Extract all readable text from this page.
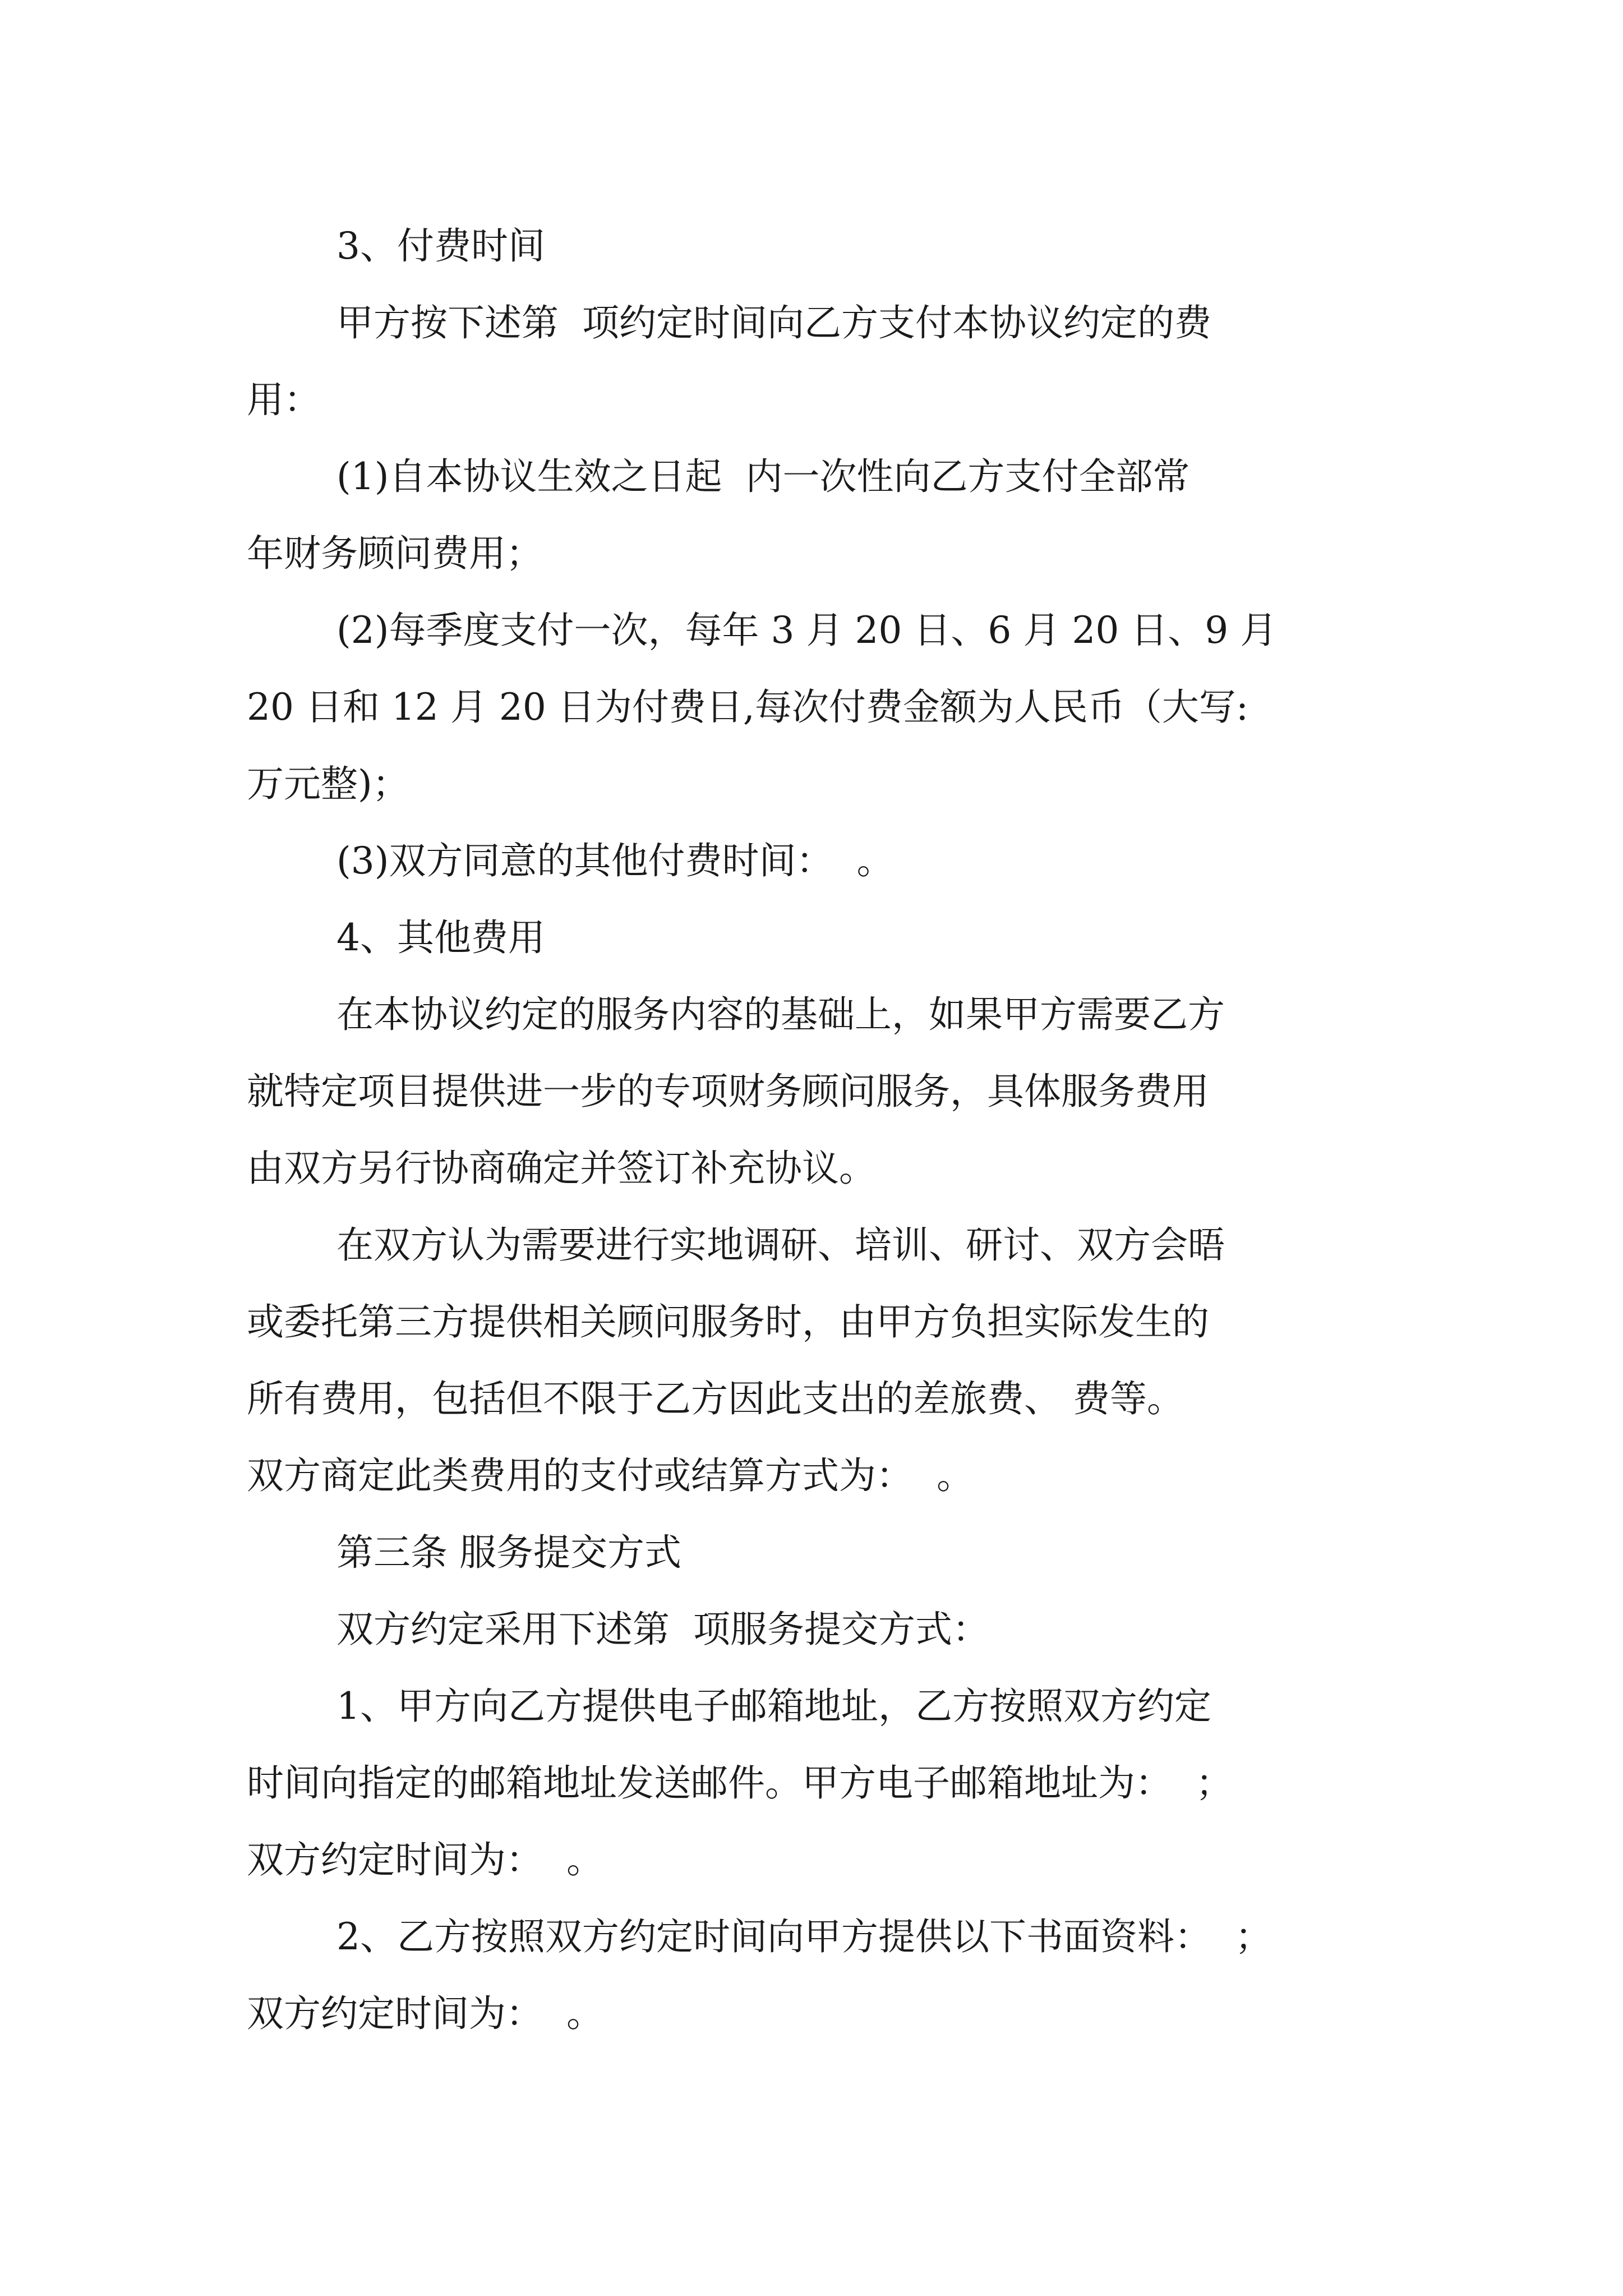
3、付费时间
甲方按下述第  项约定时间向乙方支付本协议约定的费
用：
(1)自本协议生效之日起  内一次性向乙方支付全部常
年财务顾问费用；
(2)每季度支付一次，每年 3 月 20 日、6 月 20 日、9 月
20 日和 12 月 20 日为付费日,每次付费金额为人民币（大写:
万元整)；
(3)双方同意的其他付费时间：  。
4、其他费用
在本协议约定的服务内容的基础上，如果甲方需要乙方
就特定项目提供进一步的专项财务顾问服务，具体服务费用
由双方另行协商确定并签订补充协议。
在双方认为需要进行实地调研、培训、研讨、双方会晤
或委托第三方提供相关顾问服务时，由甲方负担实际发生的
所有费用，包括但不限于乙方因此支出的差旅费、 费等。
双方商定此类费用的支付或结算方式为：  。
第三条 服务提交方式
双方约定采用下述第  项服务提交方式：
1、甲方向乙方提供电子邮箱地址，乙方按照双方约定
时间向指定的邮箱地址发送邮件。甲方电子邮箱地址为：  ；
双方约定时间为：  。
2、乙方按照双方约定时间向甲方提供以下书面资料：  ；
双方约定时间为：  。
